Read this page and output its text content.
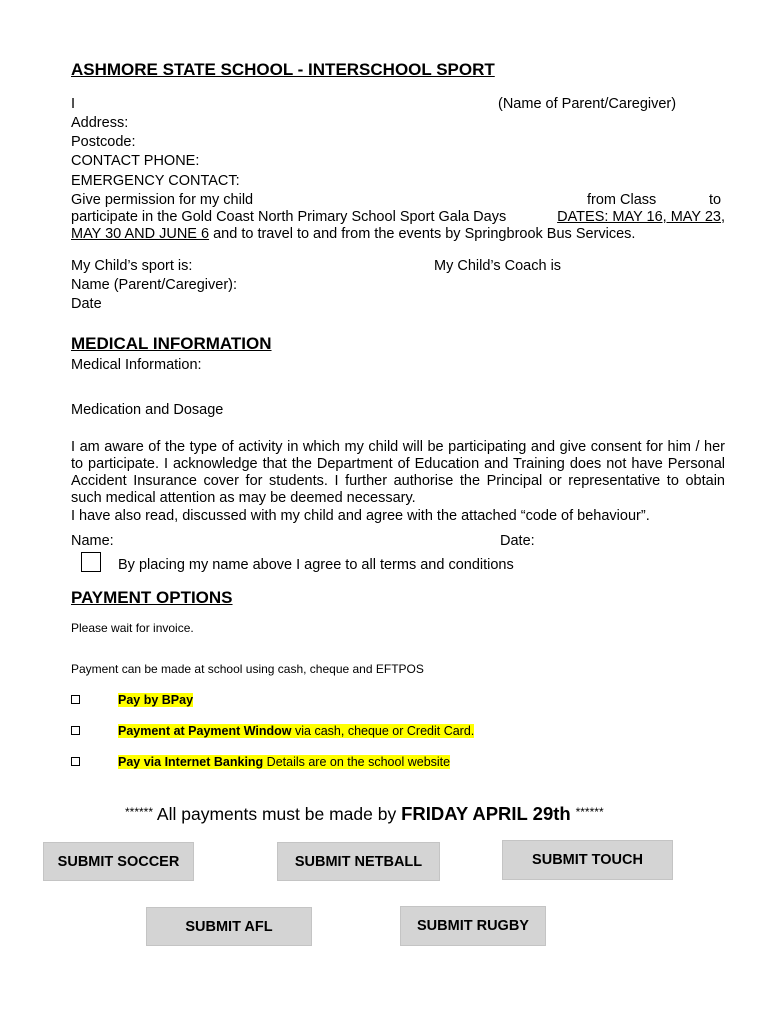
ASHMORE STATE SCHOOL - INTERSCHOOL SPORT
I	(Name of Parent/Caregiver)
Address:
Postcode:
CONTACT PHONE:
EMERGENCY CONTACT:
Give permission for my child	from Class	to
participate in the Gold Coast North Primary School Sport Gala Days	DATES: MAY 16, MAY 23,
MAY 30 AND JUNE 6 and to travel to and from the events by Springbrook Bus Services.
My Child’s sport is:	My Child’s Coach is
Name (Parent/Caregiver):
Date
MEDICAL INFORMATION
Medical Information:
Medication and Dosage
I am aware of the type of activity in which my child will be participating and give consent for him / her to participate. I acknowledge that the Department of Education and Training does not have Personal Accident Insurance cover for students. I further authorise the Principal or representative to obtain such medical attention as may be deemed necessary.
I have also read, discussed with my child and agree with the attached “code of behaviour”.
Name:	Date:
By placing my name above I agree to all terms and conditions
PAYMENT OPTIONS
Please wait for invoice.
Payment can be made at school using cash, cheque and EFTPOS
Pay by BPay
Payment at Payment Window via cash, cheque or Credit Card.
Pay via Internet Banking Details are on the school website
****** All payments must be made by FRIDAY APRIL 29th ******
SUBMIT SOCCER	SUBMIT NETBALL	SUBMIT TOUCH
SUBMIT AFL	SUBMIT RUGBY
